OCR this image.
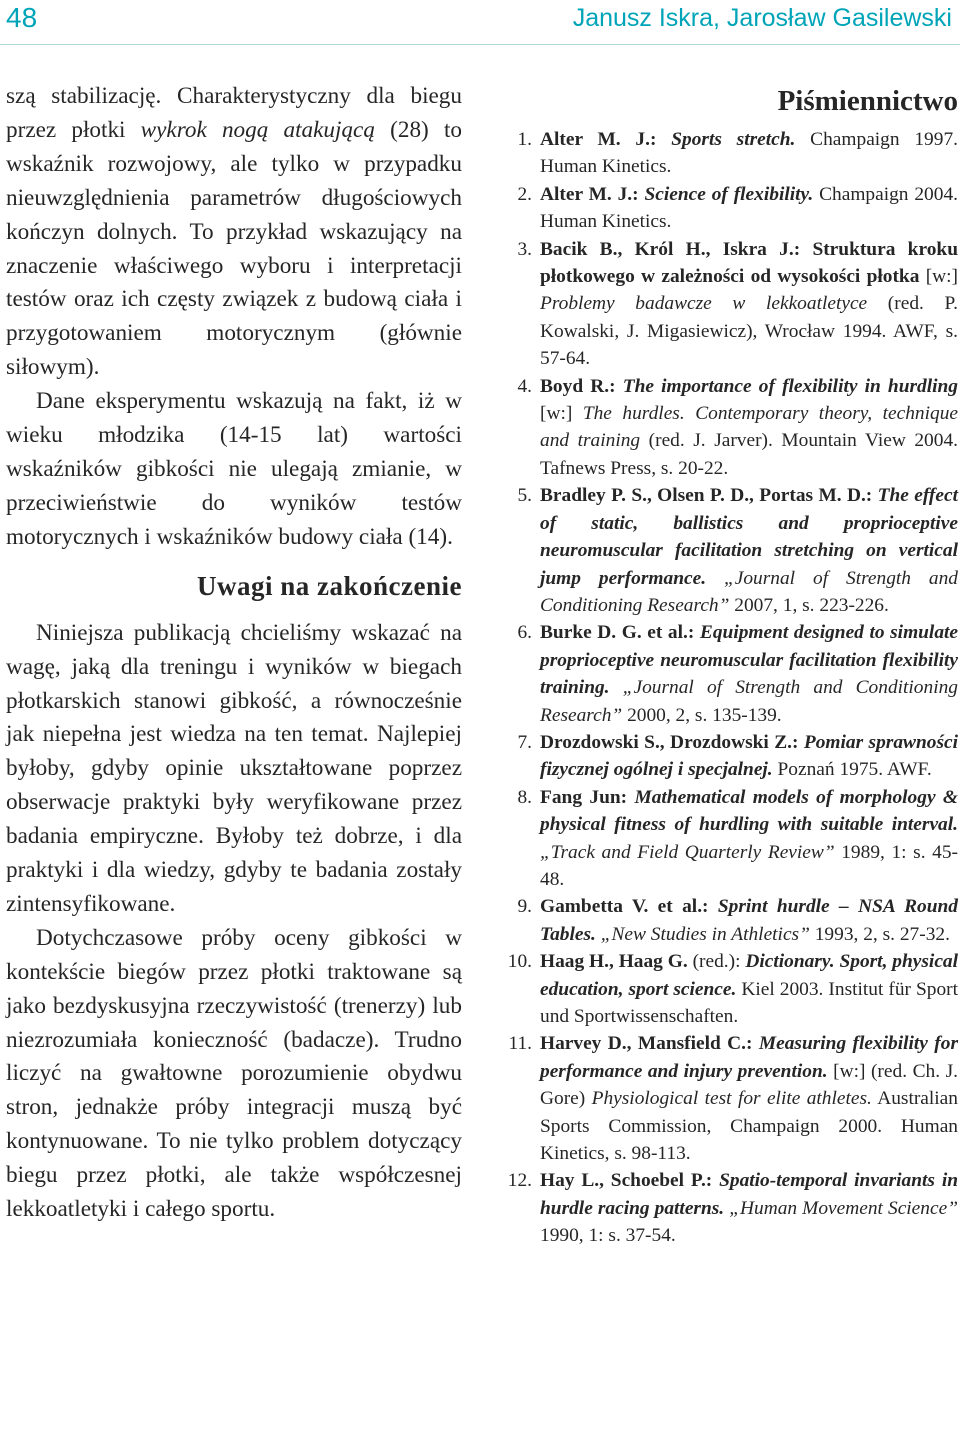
48	Janusz Iskra, Jarosław Gasilewski

szą stabilizację. Charakterystyczny dla biegu przez płotki wykrok nogą atakującą (28) to wskaźnik rozwojowy, ale tylko w przypadku nieuwzględnienia parametrów długościowych kończyn dolnych. To przykład wskazujący na znaczenie właściwego wyboru i interpretacji testów oraz ich częsty związek z budową ciała i przygotowaniem motorycznym (głównie siłowym).

Dane eksperymentu wskazują na fakt, iż w wieku młodzika (14-15 lat) wartości wskaźników gibkości nie ulegają zmianie, w przeciwieństwie do wyników testów motorycznych i wskaźników budowy ciała (14).

Uwagi na zakończenie

Niniejsza publikacją chcieliśmy wskazać na wagę, jaką dla treningu i wyników w biegach płotkarskich stanowi gibkość, a równocześnie jak niepełna jest wiedza na ten temat. Najlepiej byłoby, gdyby opinie ukształtowane poprzez obserwacje praktyki były weryfikowane przez badania empiryczne. Byłoby też dobrze, i dla praktyki i dla wiedzy, gdyby te badania zostały zintensyfikowane.

Dotychczasowe próby oceny gibkości w kontekście biegów przez płotki traktowane są jako bezdyskusyjna rzeczywistość (trenerzy) lub niezrozumiała konieczność (badacze). Trudno liczyć na gwałtowne porozumienie obydwu stron, jednakże próby integracji muszą być kontynuowane. To nie tylko problem dotyczący biegu przez płotki, ale także współczesnej lekkoatletyki i całego sportu.

Piśmiennictwo
1. Alter M. J.: Sports stretch. Champaign 1997. Human Kinetics.
2. Alter M. J.: Science of flexibility. Champaign 2004. Human Kinetics.
3. Bacik B., Król H., Iskra J.: Struktura kroku płotkowego w zależności od wysokości płotka [w:] Problemy badawcze w lekkoatletyce (red. P. Kowalski, J. Migasiewicz), Wrocław 1994. AWF, s. 57-64.
4. Boyd R.: The importance of flexibility in hurdling [w:] The hurdles. Contemporary theory, technique and training (red. J. Jarver). Mountain View 2004. Tafnews Press, s. 20-22.
5. Bradley P. S., Olsen P. D., Portas M. D.: The effect of static, ballistics and proprioceptive neuromuscular facilitation stretching on vertical jump performance. „Journal of Strength and Conditioning Research” 2007, 1, s. 223-226.
6. Burke D. G. et al.: Equipment designed to simulate proprioceptive neuromuscular facilitation flexibility training. „Journal of Strength and Conditioning Research” 2000, 2, s. 135-139.
7. Drozdowski S., Drozdowski Z.: Pomiar sprawności fizycznej ogólnej i specjalnej. Poznań 1975. AWF.
8. Fang Jun: Mathematical models of morphology & physical fitness of hurdling with suitable interval. „Track and Field Quarterly Review” 1989, 1: s. 45-48.
9. Gambetta V. et al.: Sprint hurdle – NSA Round Tables. „New Studies in Athletics” 1993, 2, s. 27-32.
10. Haag H., Haag G. (red.): Dictionary. Sport, physical education, sport science. Kiel 2003. Institut für Sport und Sportwissenschaften.
11. Harvey D., Mansfield C.: Measuring flexibility for performance and injury prevention. [w:] (red. Ch. J. Gore) Physiological test for elite athletes. Australian Sports Commission, Champaign 2000. Human Kinetics, s. 98-113.
12. Hay L., Schoebel P.: Spatio-temporal invariants in hurdle racing patterns. „Human Movement Science” 1990, 1: s. 37-54.
